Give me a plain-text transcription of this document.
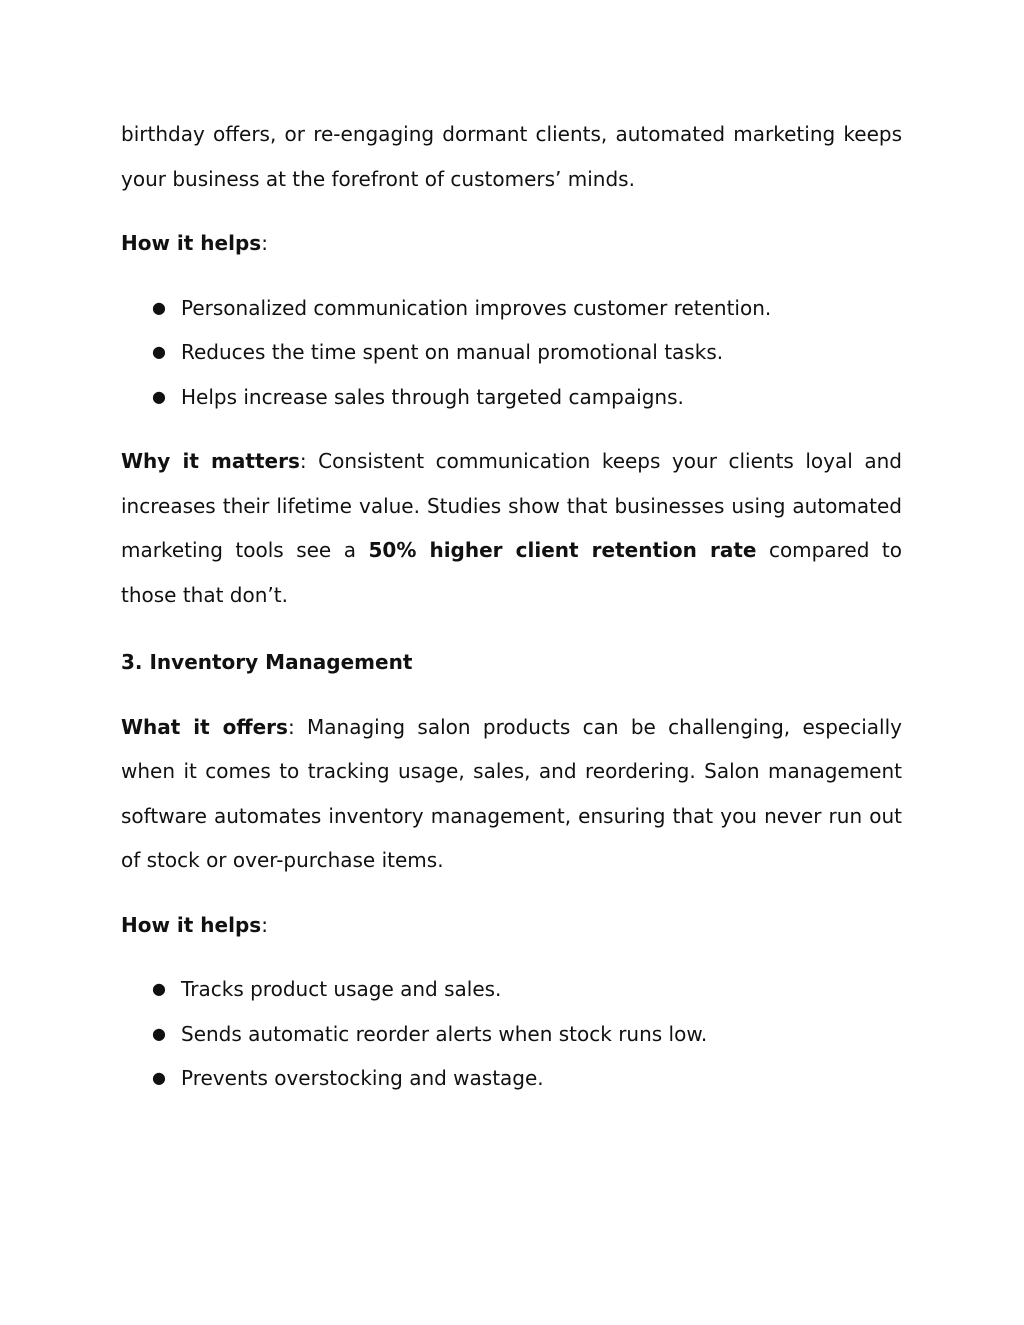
birthday offers, or re-engaging dormant clients, automated marketing keeps your business at the forefront of customers’ minds.

How it helps:

● Personalized communication improves customer retention.
● Reduces the time spent on manual promotional tasks.
● Helps increase sales through targeted campaigns.

Why it matters: Consistent communication keeps your clients loyal and increases their lifetime value. Studies show that businesses using automated marketing tools see a 50% higher client retention rate compared to those that don’t.

3. Inventory Management

What it offers: Managing salon products can be challenging, especially when it comes to tracking usage, sales, and reordering. Salon management software automates inventory management, ensuring that you never run out of stock or over-purchase items.

How it helps:

● Tracks product usage and sales.
● Sends automatic reorder alerts when stock runs low.
● Prevents overstocking and wastage.
